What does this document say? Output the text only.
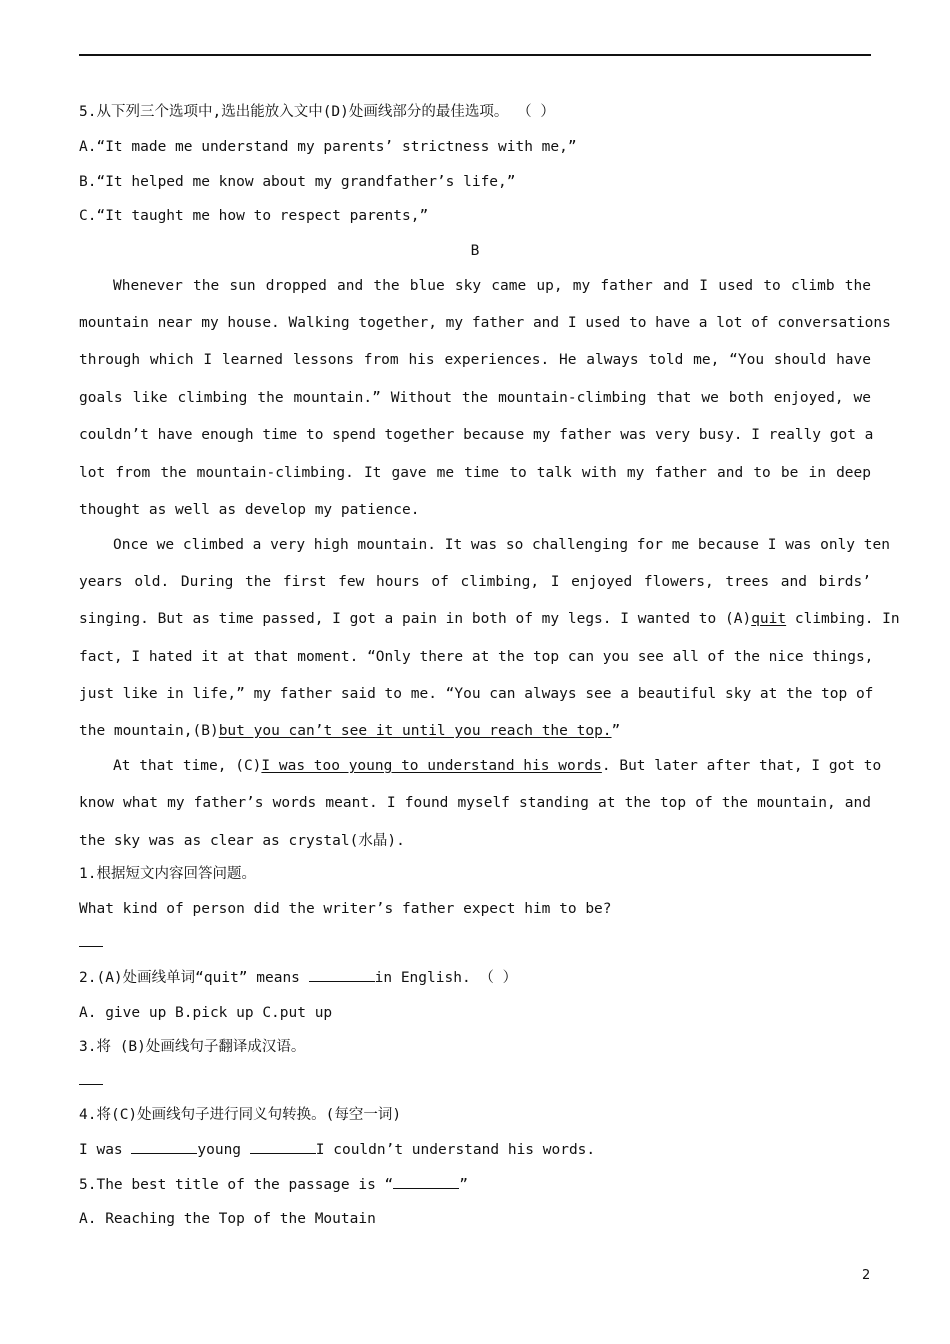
5.从下列三个选项中,选出能放入文中(D)处画线部分的最佳选项。 （ ）
A.“It made me understand my parents’ strictness with me,”
B.“It helped me know about my grandfather’s life,”
C.“It taught me how to respect parents,”
B
Whenever the sun dropped and the blue sky came up, my father and I used to climb the
mountain near my house. Walking together, my father and I used to have a lot of conversations
through which I learned lessons from his experiences. He always told me, “You should have
goals like climbing the mountain.” Without the mountain-climbing that we both enjoyed, we
couldn’t have enough time to spend together because my father was very busy. I really got a
lot from the mountain-climbing. It gave me time to talk with my father and to be in deep
thought as well as develop my patience.
Once we climbed a very high mountain. It was so challenging for me because I was only ten
years old. During the first few hours of climbing, I enjoyed flowers, trees and birds’
singing. But as time passed, I got a pain in both of my legs. I wanted to (A)quit climbing. In
fact, I hated it at that moment. “Only there at the top can you see all of the nice things,
just like in life,” my father said to me. “You can always see a beautiful sky at the top of
the mountain,(B)but you can’t see it until you reach the top.”
At that time, (C)I was too young to understand his words. But later after that, I got to
know what my father’s words meant. I found myself standing at the top of the mountain, and
the sky was as clear as crystal(水晶).
1.根据短文内容回答问题。
What kind of person did the writer’s father expect him to be?
2.(A)处画线单词“quit” means	in English. （ ）
A. give up B.pick up C.put up
3.将 (B)处画线句子翻译成汉语。
4.将(C)处画线句子进行同义句转换。(每空一词)
I was	young	I couldn’t understand his words.
5.The best title of the passage is “	”
A. Reaching the Top of the Moutain
2
